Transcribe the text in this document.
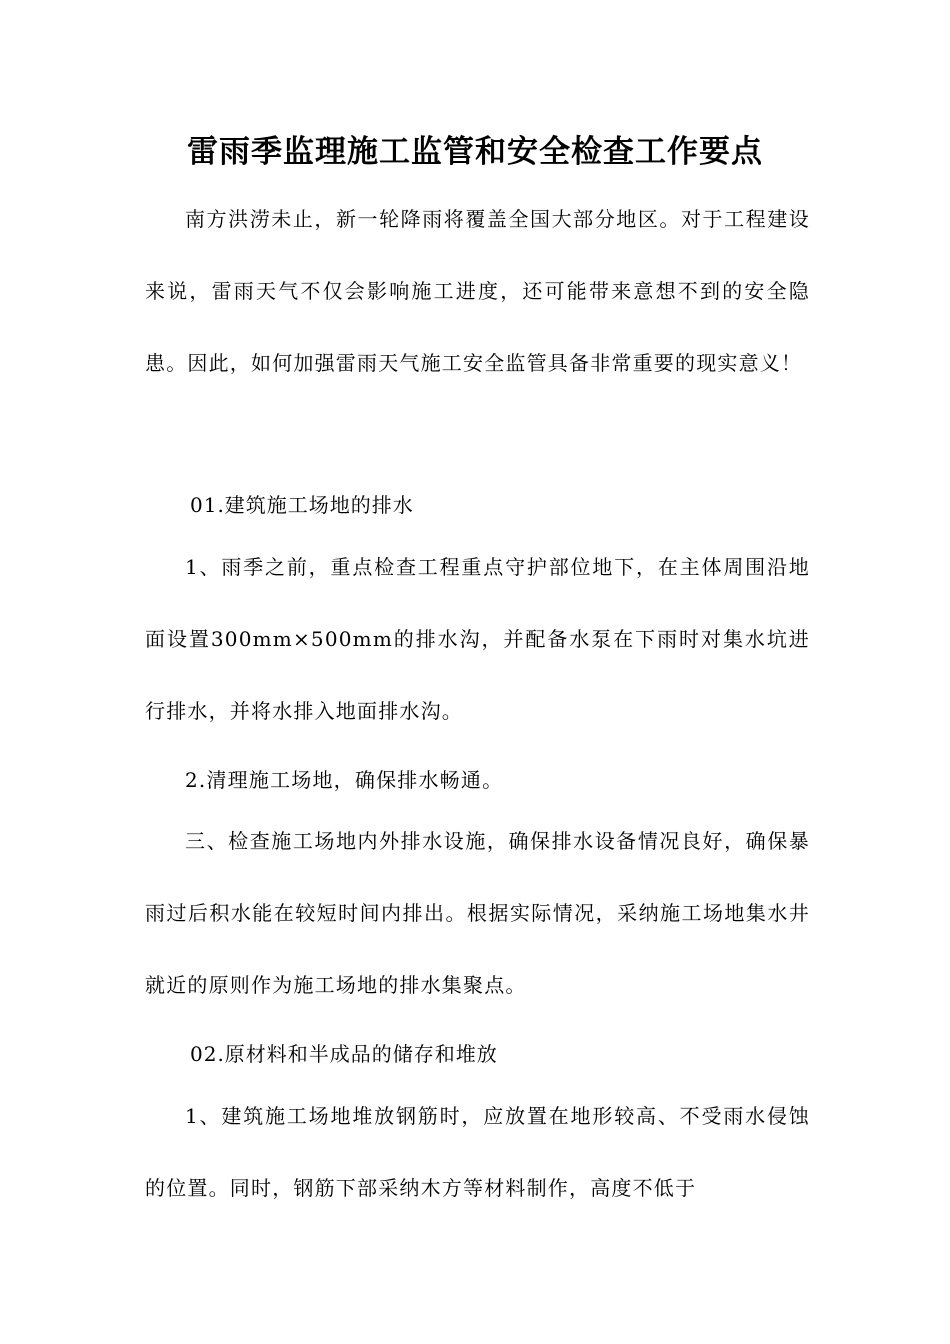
雷雨季监理施工监管和安全检查工作要点
南方洪涝未止，新一轮降雨将覆盖全国大部分地区。对于工程建设来说，雷雨天气不仅会影响施工进度，还可能带来意想不到的安全隐患。因此，如何加强雷雨天气施工安全监管具备非常重要的现实意义！
01.建筑施工场地的排水
1、雨季之前，重点检查工程重点守护部位地下，在主体周围沿地面设置300mm×500mm的排水沟，并配备水泵在下雨时对集水坑进行排水，并将水排入地面排水沟。
2.清理施工场地，确保排水畅通。
三、检查施工场地内外排水设施，确保排水设备情况良好，确保暴雨过后积水能在较短时间内排出。根据实际情况，采纳施工场地集水井就近的原则作为施工场地的排水集聚点。
02.原材料和半成品的储存和堆放
1、建筑施工场地堆放钢筋时，应放置在地形较高、不受雨水侵蚀的位置。同时，钢筋下部采纳木方等材料制作，高度不低于
